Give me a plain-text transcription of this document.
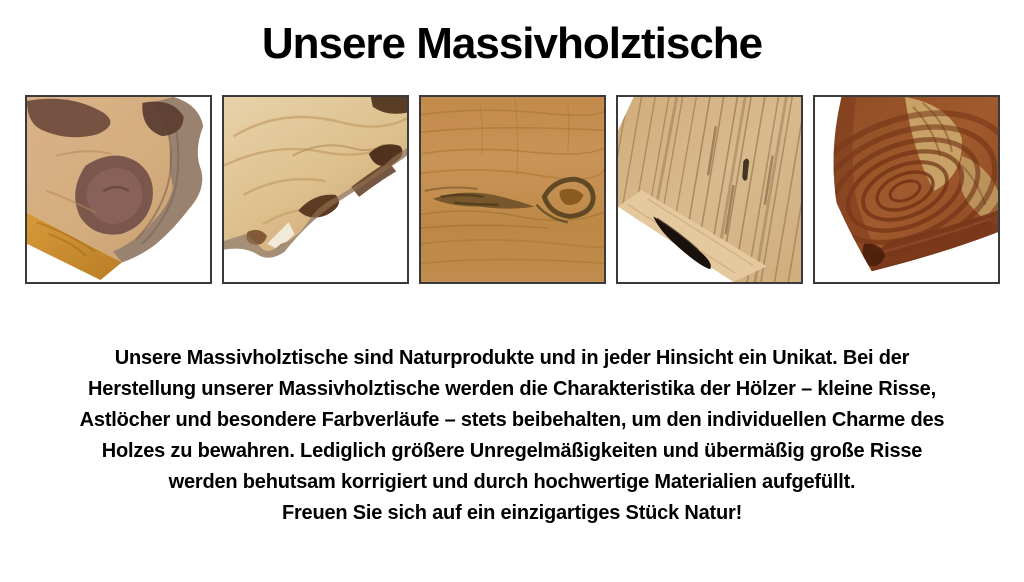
Unsere Massivholztische

Unsere Massivholztische sind Naturprodukte und in jeder Hinsicht ein Unikat. Bei der

Herstellung unserer Massivholztische werden die Charakteristika der Hölzer – kleine Risse,

Astlöcher und besondere Farbverläufe – stets beibehalten, um den individuellen Charme des

Holzes zu bewahren. Lediglich größere Unregelmäßigkeiten und übermäßig große Risse

werden behutsam korrigiert und durch hochwertige Materialien aufgefüllt.

Freuen Sie sich auf ein einzigartiges Stück Natur!
